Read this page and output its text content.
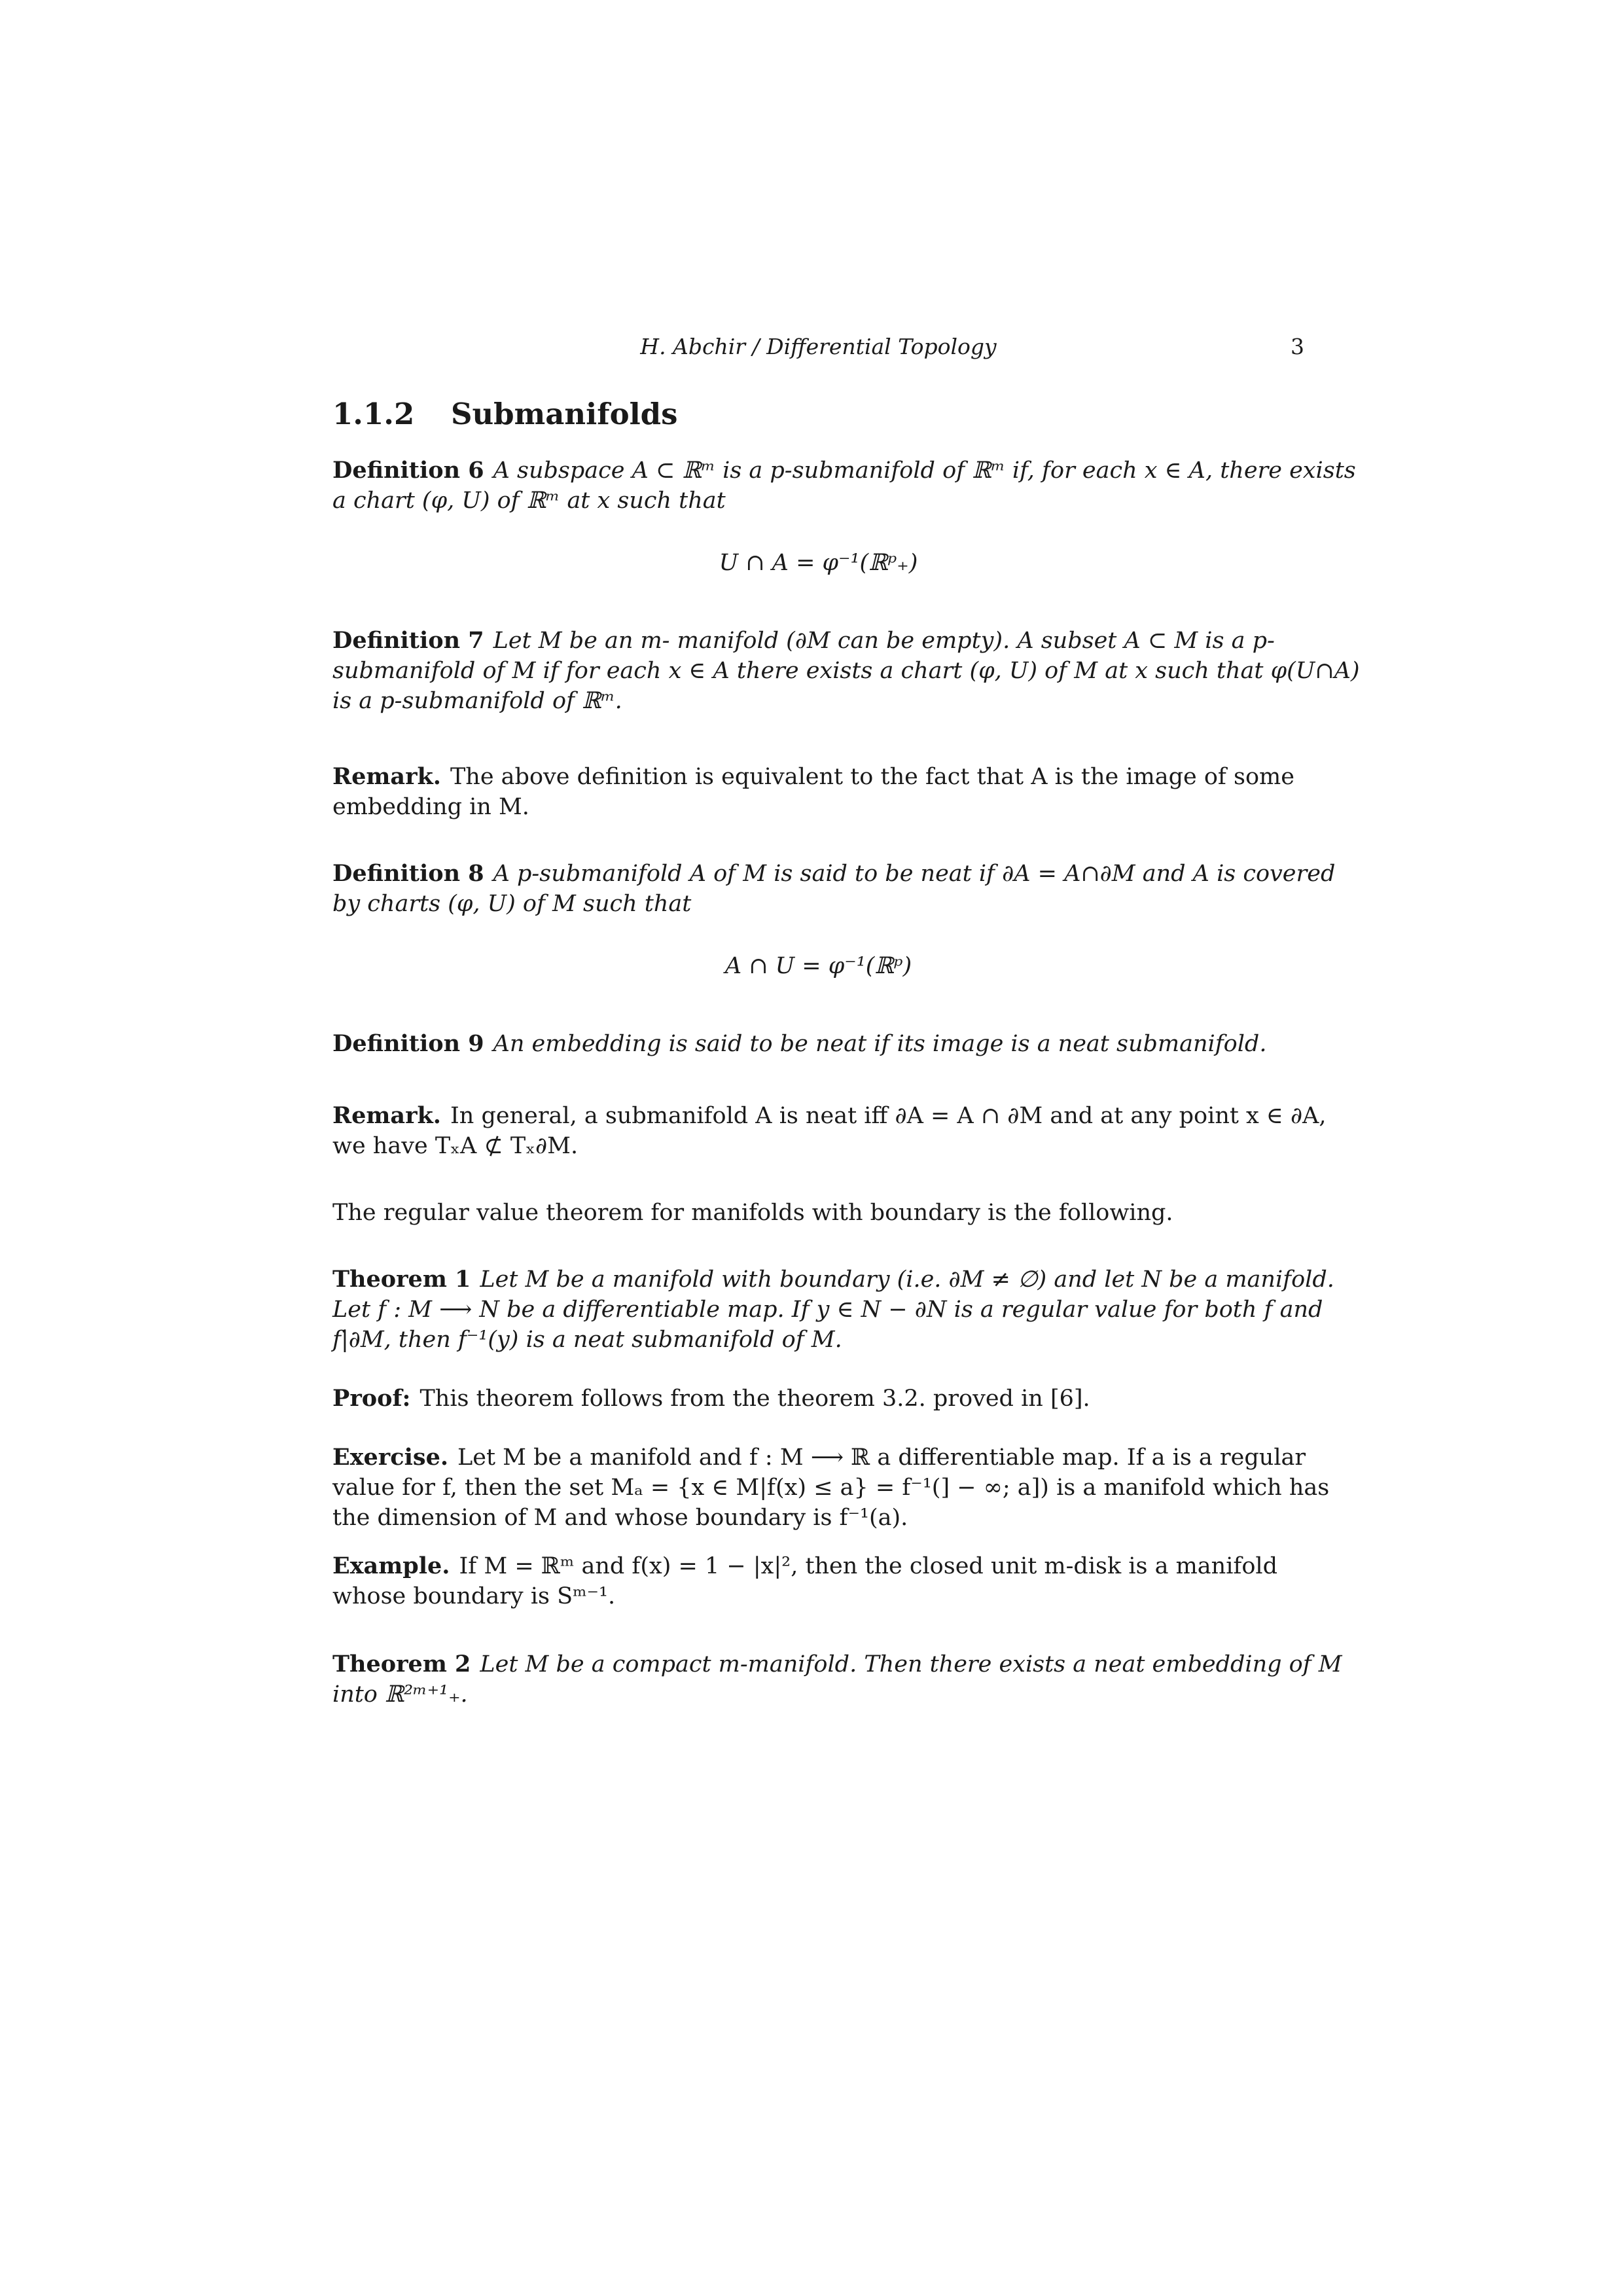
H. Abchir / Differential Topology	3
1.1.2 Submanifolds
Definition 6 A subspace A ⊂ ℝᵐ is a p-submanifold of ℝᵐ if, for each x ∈ A, there exists
a chart (φ, U) of ℝᵐ at x such that
U ∩ A = φ⁻¹(ℝᵖ₊)
Definition 7 Let M be an m- manifold (∂M can be empty). A subset A ⊂ M is a p-
submanifold of M if for each x ∈ A there exists a chart (φ, U) of M at x such that φ(U∩A)
is a p-submanifold of ℝᵐ.
Remark. The above definition is equivalent to the fact that A is the image of some
embedding in M.
Definition 8 A p-submanifold A of M is said to be neat if ∂A = A∩∂M and A is covered
by charts (φ, U) of M such that
A ∩ U = φ⁻¹(ℝᵖ)
Definition 9 An embedding is said to be neat if its image is a neat submanifold.
Remark. In general, a submanifold A is neat iff ∂A = A ∩ ∂M and at any point x ∈ ∂A,
we have TₓA ⊄ Tₓ∂M.
The regular value theorem for manifolds with boundary is the following.
Theorem 1 Let M be a manifold with boundary (i.e. ∂M ≠ ∅) and let N be a manifold.
Let f : M ⟶ N be a differentiable map. If y ∈ N − ∂N is a regular value for both f and
f|∂M, then f⁻¹(y) is a neat submanifold of M.
Proof: This theorem follows from the theorem 3.2. proved in [6].
Exercise. Let M be a manifold and f : M ⟶ ℝ a differentiable map. If a is a regular
value for f, then the set Mₐ = {x ∈ M|f(x) ≤ a} = f⁻¹(] − ∞; a]) is a manifold which has
the dimension of M and whose boundary is f⁻¹(a).
Example. If M = ℝᵐ and f(x) = 1 − |x|², then the closed unit m-disk is a manifold
whose boundary is Sᵐ⁻¹.
Theorem 2 Let M be a compact m-manifold. Then there exists a neat embedding of M
into ℝ²ᵐ⁺¹₊.
